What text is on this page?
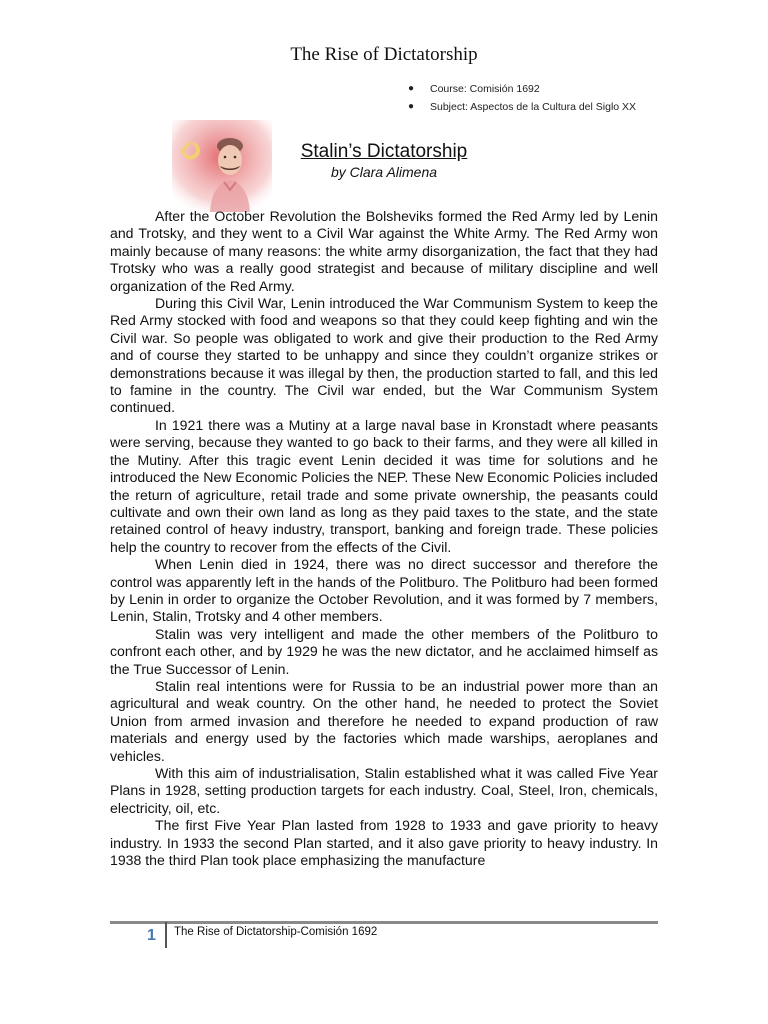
The Rise of Dictatorship
● Course: Comisión 1692
● Subject: Aspectos de la Cultura del Siglo XX
Stalin’s Dictatorship
by Clara Alimena

After the October Revolution the Bolsheviks formed the Red Army led by Lenin and Trotsky, and they went to a Civil War against the White Army. The Red Army won mainly because of many reasons: the white army disorganization, the fact that they had Trotsky who was a really good strategist and because of military discipline and well organization of the Red Army.

During this Civil War, Lenin introduced the War Communism System to keep the Red Army stocked with food and weapons so that they could keep fighting and win the Civil war. So people was obligated to work and give their production to the Red Army and of course they started to be unhappy and since they couldn’t organize strikes or demonstrations because it was illegal by then, the production started to fall, and this led to famine in the country. The Civil war ended, but the War Communism System continued.

In 1921 there was a Mutiny at a large naval base in Kronstadt where peasants were serving, because they wanted to go back to their farms, and they were all killed in the Mutiny. After this tragic event Lenin decided it was time for solutions and he introduced the New Economic Policies the NEP. These New Economic Policies included the return of agriculture, retail trade and some private ownership, the peasants could cultivate and own their own land as long as they paid taxes to the state, and the state retained control of heavy industry, transport, banking and foreign trade. These policies help the country to recover from the effects of the Civil.

When Lenin died in 1924, there was no direct successor and therefore the control was apparently left in the hands of the Politburo. The Politburo had been formed by Lenin in order to organize the October Revolution, and it was formed by 7 members, Lenin, Stalin, Trotsky and 4 other members.

Stalin was very intelligent and made the other members of the Politburo to confront each other, and by 1929 he was the new dictator, and he acclaimed himself as the True Successor of Lenin.

Stalin real intentions were for Russia to be an industrial power more than an agricultural and weak country. On the other hand, he needed to protect the Soviet Union from armed invasion and therefore he needed to expand production of raw materials and energy used by the factories which made warships, aeroplanes and vehicles.

With this aim of industrialisation, Stalin established what it was called Five Year Plans in 1928, setting production targets for each industry. Coal, Steel, Iron, chemicals, electricity, oil, etc.

The first Five Year Plan lasted from 1928 to 1933 and gave priority to heavy industry. In 1933 the second Plan started, and it also gave priority to heavy industry. In 1938 the third Plan took place emphasizing the manufacture

1 The Rise of Dictatorship-Comisión 1692
